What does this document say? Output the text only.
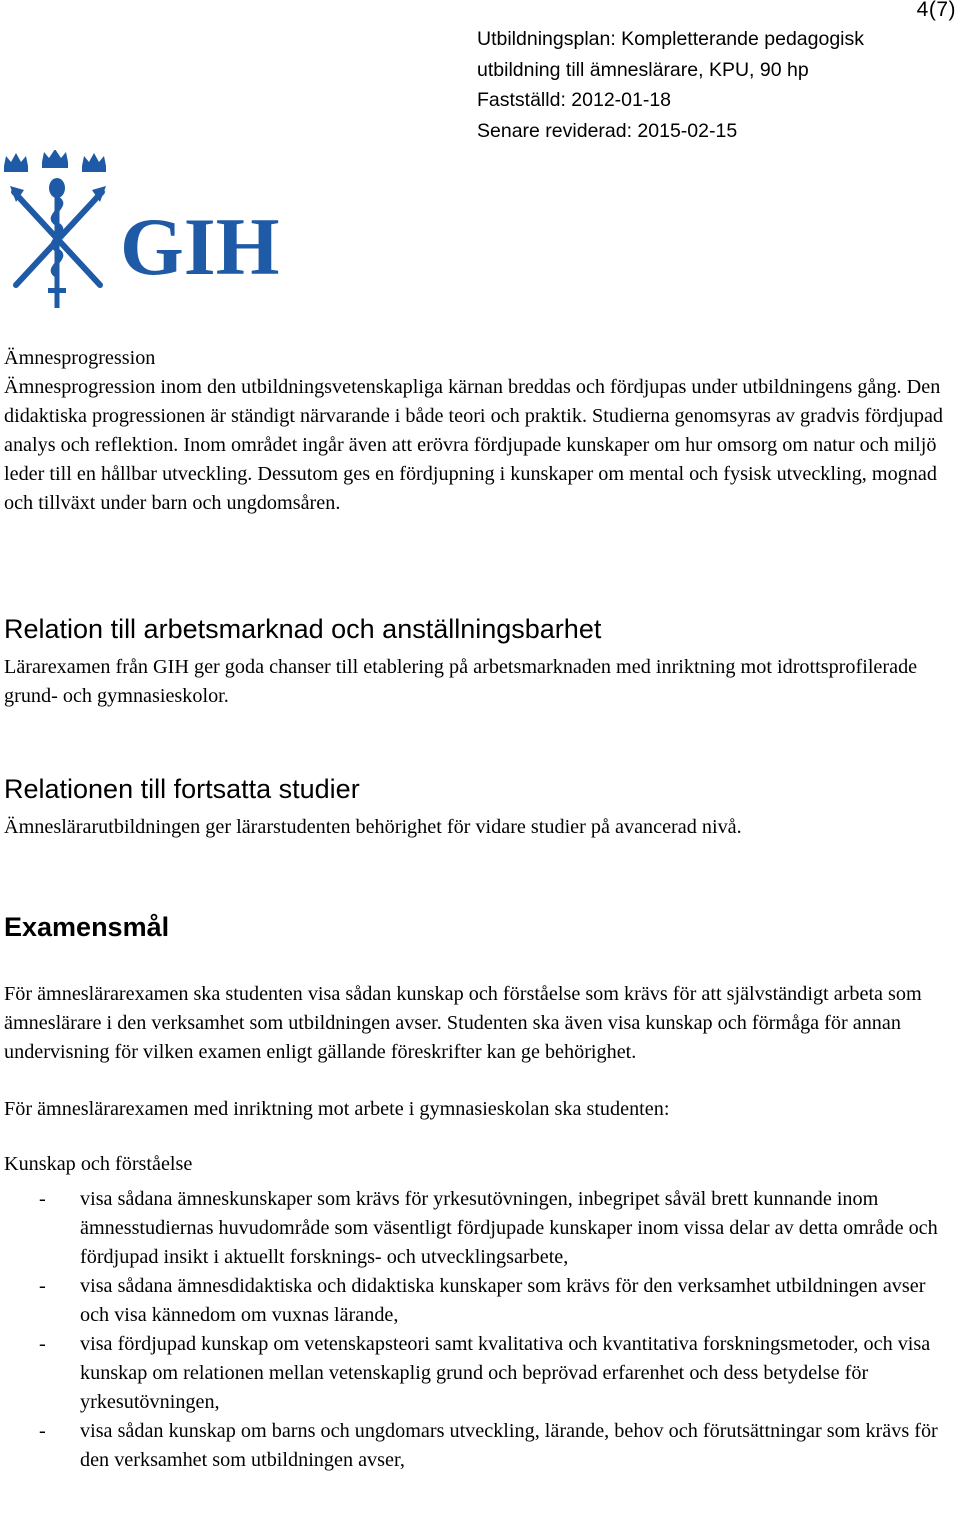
4(7)
Utbildningsplan: Kompletterande pedagogisk
utbildning till ämneslärare, KPU, 90 hp
Fastställd: 2012-01-18
Senare reviderad: 2015-02-15
GIH

Ämnesprogression

Ämnesprogression inom den utbildningsvetenskapliga kärnan breddas och fördjupas under utbildningens gång. Den didaktiska progressionen är ständigt närvarande i både teori och praktik. Studierna genomsyras av gradvis fördjupad analys och reflektion. Inom området ingår även att erövra fördjupade kunskaper om hur omsorg om natur och miljö leder till en hållbar utveckling. Dessutom ges en fördjupning i kunskaper om mental och fysisk utveckling, mognad och tillväxt under barn och ungdomsåren.

Relation till arbetsmarknad och anställningsbarhet

Lärarexamen från GIH ger goda chanser till etablering på arbetsmarknaden med inriktning mot idrottsprofilerade grund- och gymnasieskolor.

Relationen till fortsatta studier

Ämneslärarutbildningen ger lärarstudenten behörighet för vidare studier på avancerad nivå.

Examensmål

För ämneslärarexamen ska studenten visa sådan kunskap och förståelse som krävs för att självständigt arbeta som ämneslärare i den verksamhet som utbildningen avser. Studenten ska även visa kunskap och förmåga för annan undervisning för vilken examen enligt gällande föreskrifter kan ge behörighet.

För ämneslärarexamen med inriktning mot arbete i gymnasieskolan ska studenten:

Kunskap och förståelse

- visa sådana ämneskunskaper som krävs för yrkesutövningen, inbegripet såväl brett kunnande inom ämnesstudiernas huvudområde som väsentligt fördjupade kunskaper inom vissa delar av detta område och fördjupad insikt i aktuellt forsknings- och utvecklingsarbete,
- visa sådana ämnesdidaktiska och didaktiska kunskaper som krävs för den verksamhet utbildningen avser och visa kännedom om vuxnas lärande,
- visa fördjupad kunskap om vetenskapsteori samt kvalitativa och kvantitativa forskningsmetoder, och visa kunskap om relationen mellan vetenskaplig grund och beprövad erfarenhet och dess betydelse för yrkesutövningen,
- visa sådan kunskap om barns och ungdomars utveckling, lärande, behov och förutsättningar som krävs för den verksamhet som utbildningen avser,
